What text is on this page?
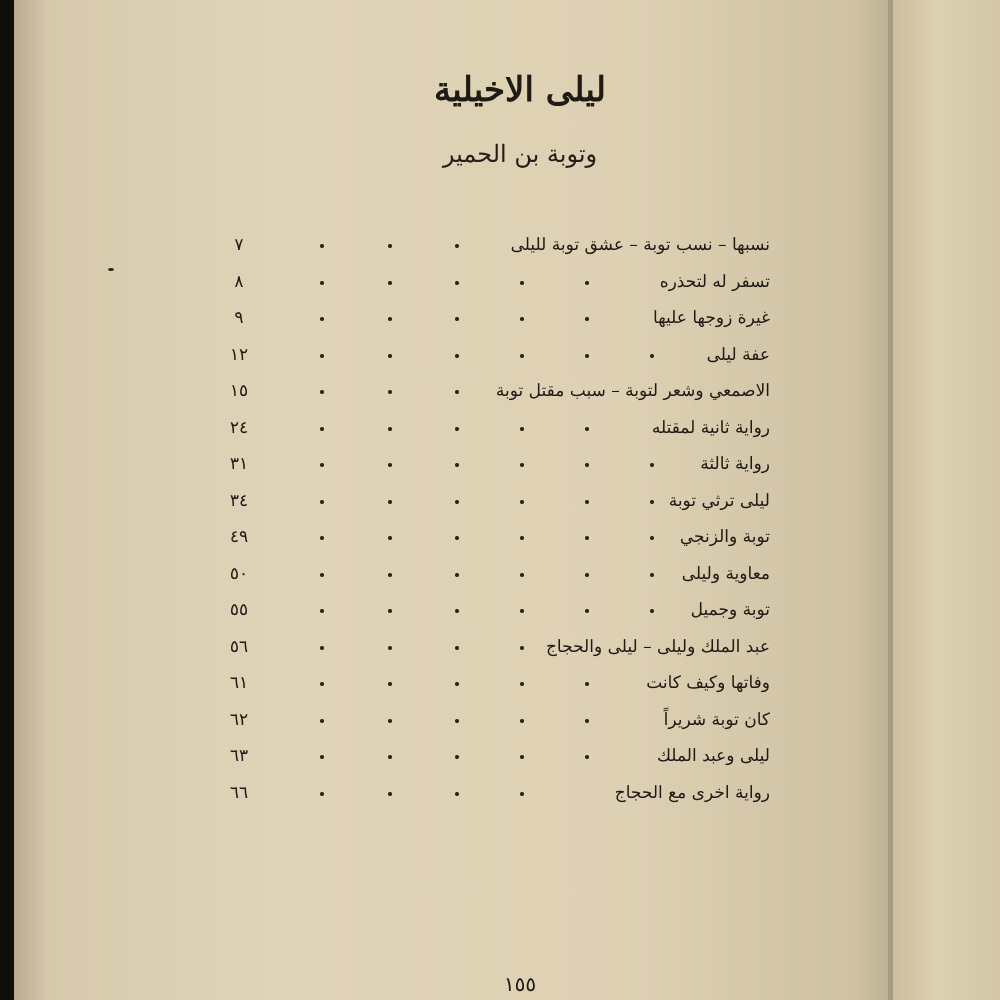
ليلى الاخيلية
وتوبة بن الحمير
نسبها – نسب توبة – عشق توبة لليلى
٧
تسفر له لتحذره
٨
غيرة زوجها عليها
٩
عفة ليلى
١٢
الاصمعي وشعر لتوبة – سبب مقتل توبة
١٥
رواية ثانية لمقتله
٢٤
رواية ثالثة
٣١
ليلى ترثي توبة
٣٤
توبة والزنجي
٤٩
معاوية وليلى
٥٠
توبة وجميل
٥٥
عبد الملك وليلى – ليلى والحجاج
٥٦
وفاتها وكيف كانت
٦١
كان توبة شريراً
٦٢
ليلى وعبد الملك
٦٣
رواية اخرى مع الحجاج
٦٦
١٥٥
